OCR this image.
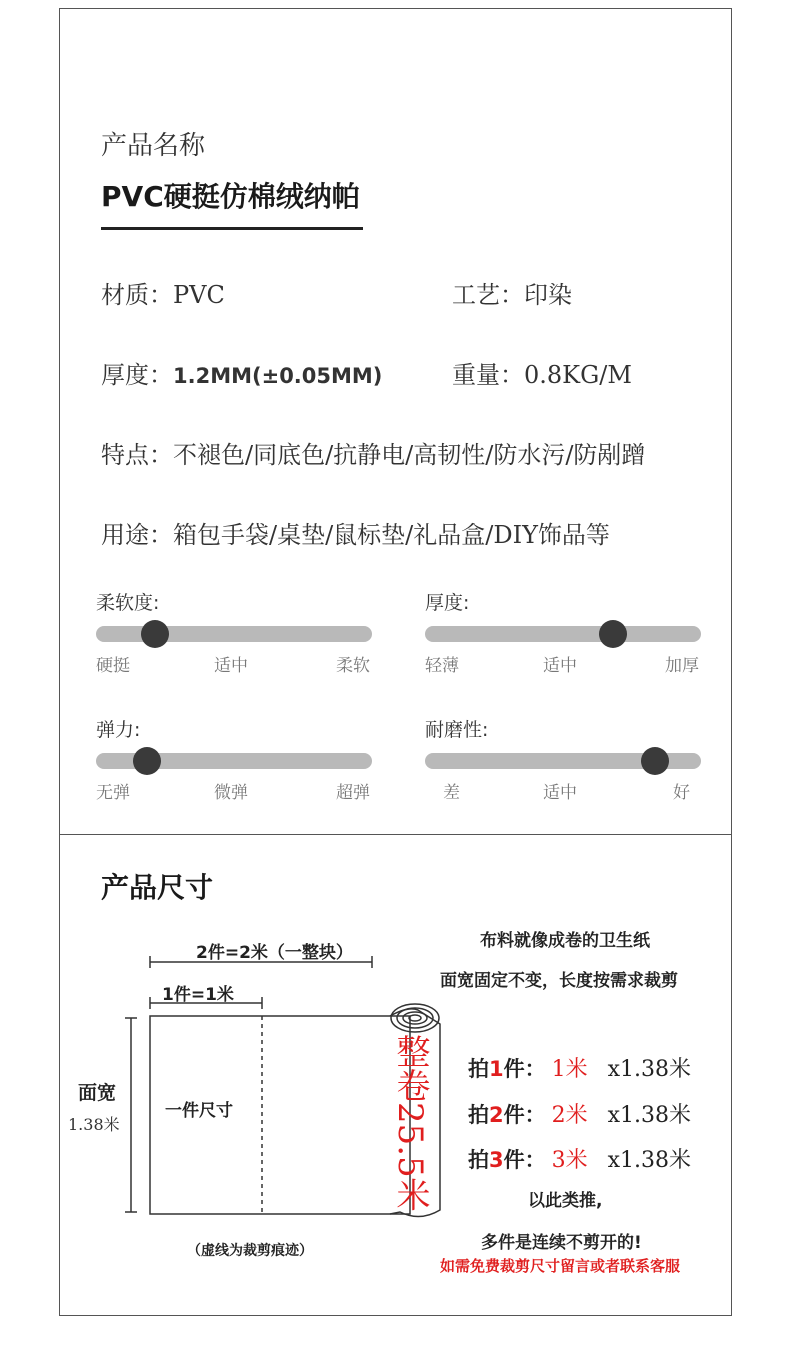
产品名称
PVC硬挺仿棉绒纳帕
材质：PVC	工艺：印染
厚度：1.2MM(±0.05MM)	重量：0.8KG/M
特点：不褪色/同底色/抗静电/高韧性/防水污/防剐蹭
用途：箱包手袋/桌垫/鼠标垫/礼品盒/DIY饰品等
柔软度:
硬挺	适中	柔软
厚度:
轻薄	适中	加厚
弹力:
无弹	微弹	超弹
耐磨性:
差	适中	好
产品尺寸
2件=2米（一整块）
1件=1米
面宽
1.38米
一件尺寸	整卷25.5米
（虚线为裁剪痕迹）
布料就像成卷的卫生纸
面宽固定不变，长度按需求裁剪
拍1件： 1米 x1.38米
拍2件： 2米 x1.38米
拍3件： 3米 x1.38米
以此类推,
多件是连续不剪开的!
如需免费裁剪尺寸留言或者联系客服
